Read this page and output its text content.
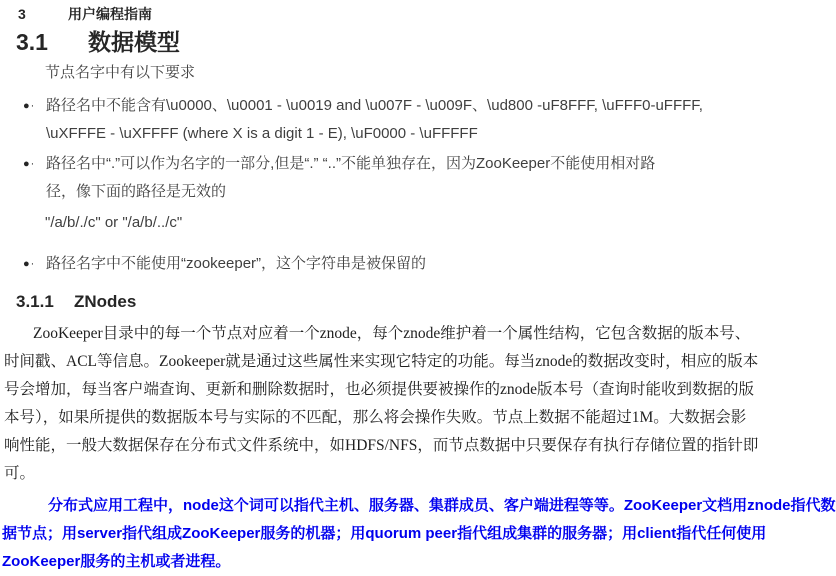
3	用户编程指南
3.1 数据模型
节点名字中有以下要求
●· 路径名中不能含有\u0000、\u0001 - \u0019 and \u007F - \u009F、\ud800 -uF8FFF, \uFFF0-uFFFF,
\uXFFFE - \uXFFFF (where X is a digit 1 - E), \uF0000 - \uFFFFF
●· 路径名中“.”可以作为名字的一部分,但是“.” “..”不能单独存在，因为ZooKeeper不能使用相对路
径，像下面的路径是无效的
"/a/b/./c" or "/a/b/../c"
●· 路径名字中不能使用“zookeeper”，这个字符串是被保留的
3.1.1 ZNodes
ZooKeeper目录中的每一个节点对应着一个znode，每个znode维护着一个属性结构，它包含数据的版本号、
时间戳、ACL等信息。Zookeeper就是通过这些属性来实现它特定的功能。每当znode的数据改变时，相应的版本
号会增加，每当客户端查询、更新和删除数据时，也必须提供要被操作的znode版本号（查询时能收到数据的版
本号），如果所提供的数据版本号与实际的不匹配，那么将会操作失败。节点上数据不能超过1M。大数据会影
响性能，一般大数据保存在分布式文件系统中，如HDFS/NFS，而节点数据中只要保存有执行存储位置的指针即
可。
分布式应用工程中，node这个词可以指代主机、服务器、集群成员、客户端进程等等。ZooKeeper文档用znode指代数
据节点；用server指代组成ZooKeeper服务的机器；用quorum peer指代组成集群的服务器；用client指代任何使用
ZooKeeper服务的主机或者进程。
